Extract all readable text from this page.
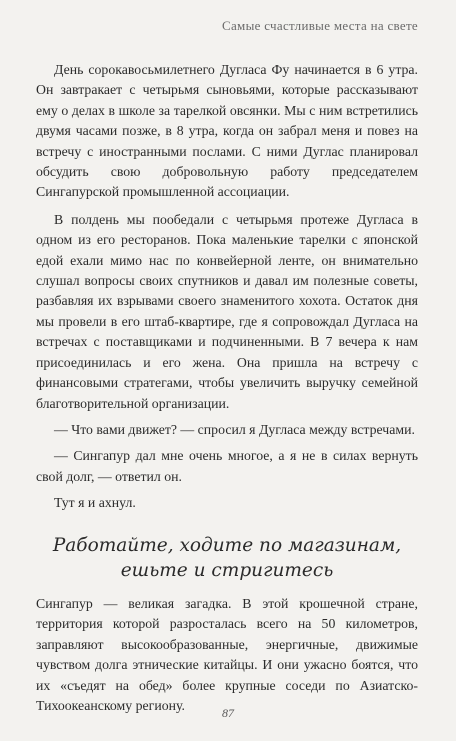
Самые счастливые места на свете

День сорокавосьмилетнего Дугласа Фу начинается в 6 утра. Он завтракает с четырьмя сыновьями, которые рассказывают ему о делах в школе за тарелкой овсянки. Мы с ним встретились двумя часами позже, в 8 утра, когда он забрал меня и повез на встречу с иностранными послами. С ними Дуглас планировал обсудить свою добровольную работу председателем Сингапурской промышленной ассоциации.

В полдень мы пообедали с четырьмя протеже Дугласа в одном из его ресторанов. Пока маленькие тарелки с японской едой ехали мимо нас по конвейерной ленте, он внимательно слушал вопросы своих спутников и давал им полезные советы, разбавляя их взрывами своего знаменитого хохота. Остаток дня мы провели в его штаб-квартире, где я сопровождал Дугласа на встречах с поставщиками и подчиненными. В 7 вечера к нам присоединилась и его жена. Она пришла на встречу с финансовыми стратегами, чтобы увеличить выручку семейной благотворительной организации.

— Что вами движет? — спросил я Дугласа между встречами.

— Сингапур дал мне очень многое, а я не в силах вернуть свой долг, — ответил он.

Тут я и ахнул.

Работайте, ходите по магазинам,
ешьте и стригитесь

Сингапур — великая загадка. В этой крошечной стране, территория которой разросталась всего на 50 километров, заправляют высокообразованные, энергичные, движимые чувством долга этнические китайцы. И они ужасно боятся, что их «съедят на обед» более крупные соседи по Азиатско-Тихоокеанскому региону.	87
